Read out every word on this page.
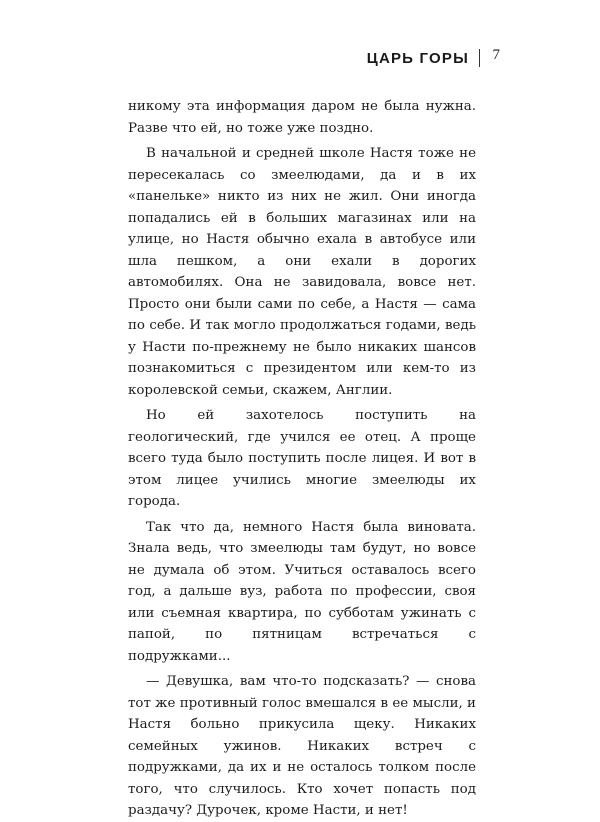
ЦАРЬ ГОРЫ 7

никому эта информация даром не была нужна. Разве что ей, но тоже уже поздно.

В начальной и средней школе Настя тоже не пересекалась со змеелюдами, да и в их «панельке» никто из них не жил. Они иногда попадались ей в больших магазинах или на улице, но Настя обычно ехала в автобусе или шла пешком, а они ехали в дорогих автомобилях. Она не завидовала, вовсе нет. Просто они были сами по себе, а Настя — сама по себе. И так могло продолжаться годами, ведь у Насти по-прежнему не было никаких шансов познакомиться с президентом или кем-то из королевской семьи, скажем, Англии.

Но ей захотелось поступить на геологический, где учился ее отец. А проще всего туда было поступить после лицея. И вот в этом лицее учились многие змеелюды их города.

Так что да, немного Настя была виновата. Знала ведь, что змеелюды там будут, но вовсе не думала об этом. Учиться оставалось всего год, а дальше вуз, работа по профессии, своя или съемная квартира, по субботам ужинать с папой, по пятницам встречаться с подружками...

— Девушка, вам что-то подсказать? — снова тот же противный голос вмешался в ее мысли, и Настя больно прикусила щеку. Никаких семейных ужинов. Никаких встреч с подружками, да их и не осталось толком после того, что случилось. Кто хочет попасть под раздачу? Дурочек, кроме Насти, и нет!
